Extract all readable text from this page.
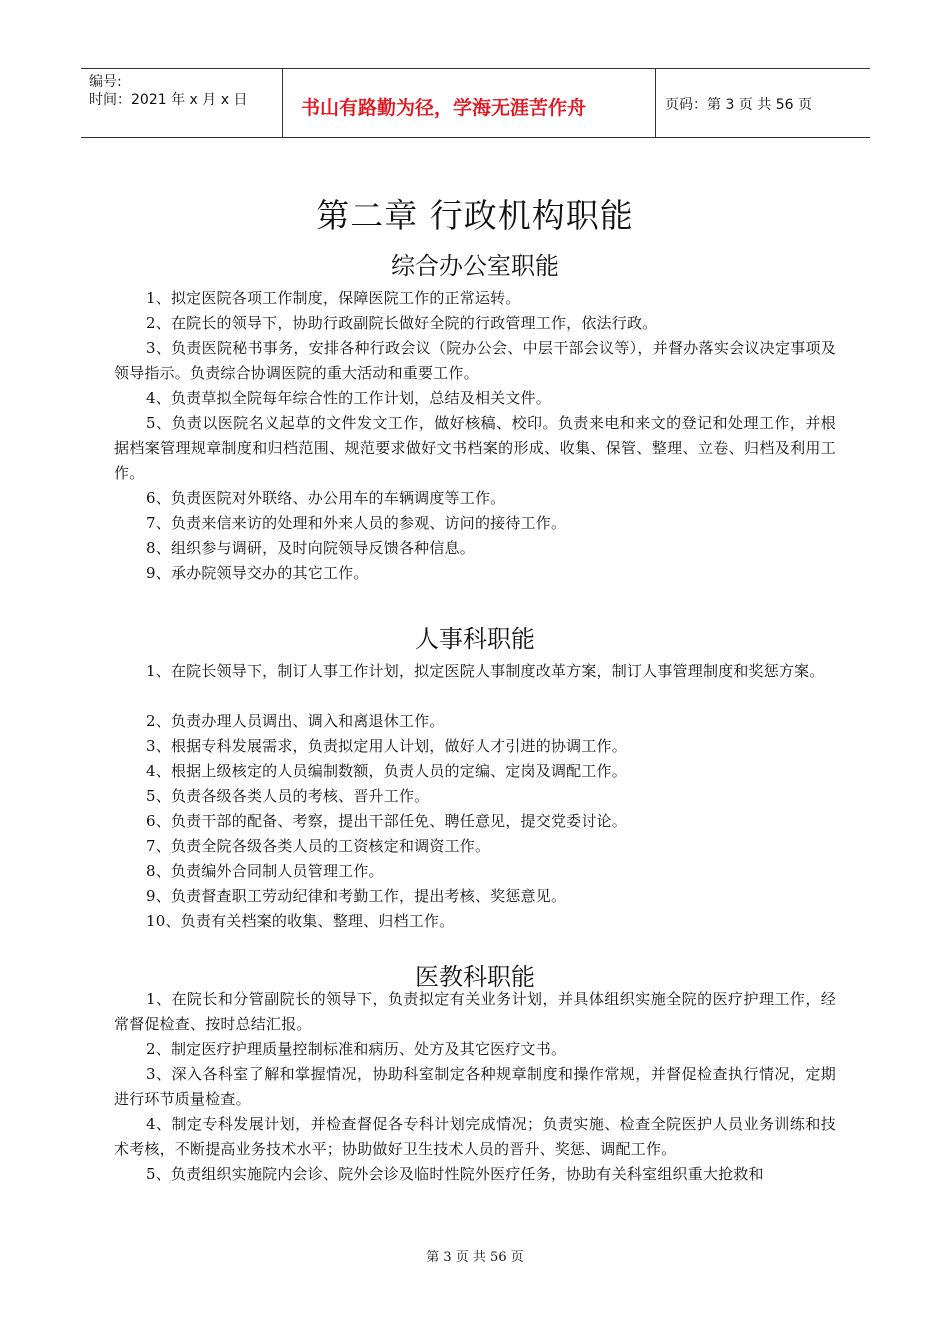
编号:
时间：2021 年 x 月 x 日	书山有路勤为径，学海无涯苦作舟	页码：第 3 页 共 56 页
第二章 行政机构职能
综合办公室职能
1、拟定医院各项工作制度，保障医院工作的正常运转。
2、在院长的领导下，协助行政副院长做好全院的行政管理工作，依法行政。
3、负责医院秘书事务，安排各种行政会议（院办公会、中层干部会议等），并督办落实会议决定事项及领导指示。负责综合协调医院的重大活动和重要工作。
4、负责草拟全院每年综合性的工作计划，总结及相关文件。
5、负责以医院名义起草的文件发文工作，做好核稿、校印。负责来电和来文的登记和处理工作，并根据档案管理规章制度和归档范围、规范要求做好文书档案的形成、收集、保管、整理、立卷、归档及利用工作。
6、负责医院对外联络、办公用车的车辆调度等工作。
7、负责来信来访的处理和外来人员的参观、访问的接待工作。
8、组织参与调研，及时向院领导反馈各种信息。
9、承办院领导交办的其它工作。
人事科职能
1、在院长领导下，制订人事工作计划，拟定医院人事制度改革方案，制订人事管理制度和奖惩方案。
2、负责办理人员调出、调入和离退休工作。
3、根据专科发展需求，负责拟定用人计划，做好人才引进的协调工作。
4、根据上级核定的人员编制数额，负责人员的定编、定岗及调配工作。
5、负责各级各类人员的考核、晋升工作。
6、负责干部的配备、考察，提出干部任免、聘任意见，提交党委讨论。
7、负责全院各级各类人员的工资核定和调资工作。
8、负责编外合同制人员管理工作。
9、负责督查职工劳动纪律和考勤工作，提出考核、奖惩意见。
10、负责有关档案的收集、整理、归档工作。
医教科职能
1、在院长和分管副院长的领导下，负责拟定有关业务计划，并具体组织实施全院的医疗护理工作，经常督促检查、按时总结汇报。
2、制定医疗护理质量控制标准和病历、处方及其它医疗文书。
3、深入各科室了解和掌握情况，协助科室制定各种规章制度和操作常规，并督促检查执行情况，定期进行环节质量检查。
4、制定专科发展计划，并检查督促各专科计划完成情况；负责实施、检查全院医护人员业务训练和技术考核，不断提高业务技术水平；协助做好卫生技术人员的晋升、奖惩、调配工作。
5、负责组织实施院内会诊、院外会诊及临时性院外医疗任务，协助有关科室组织重大抢救和
第 3 页 共 56 页
